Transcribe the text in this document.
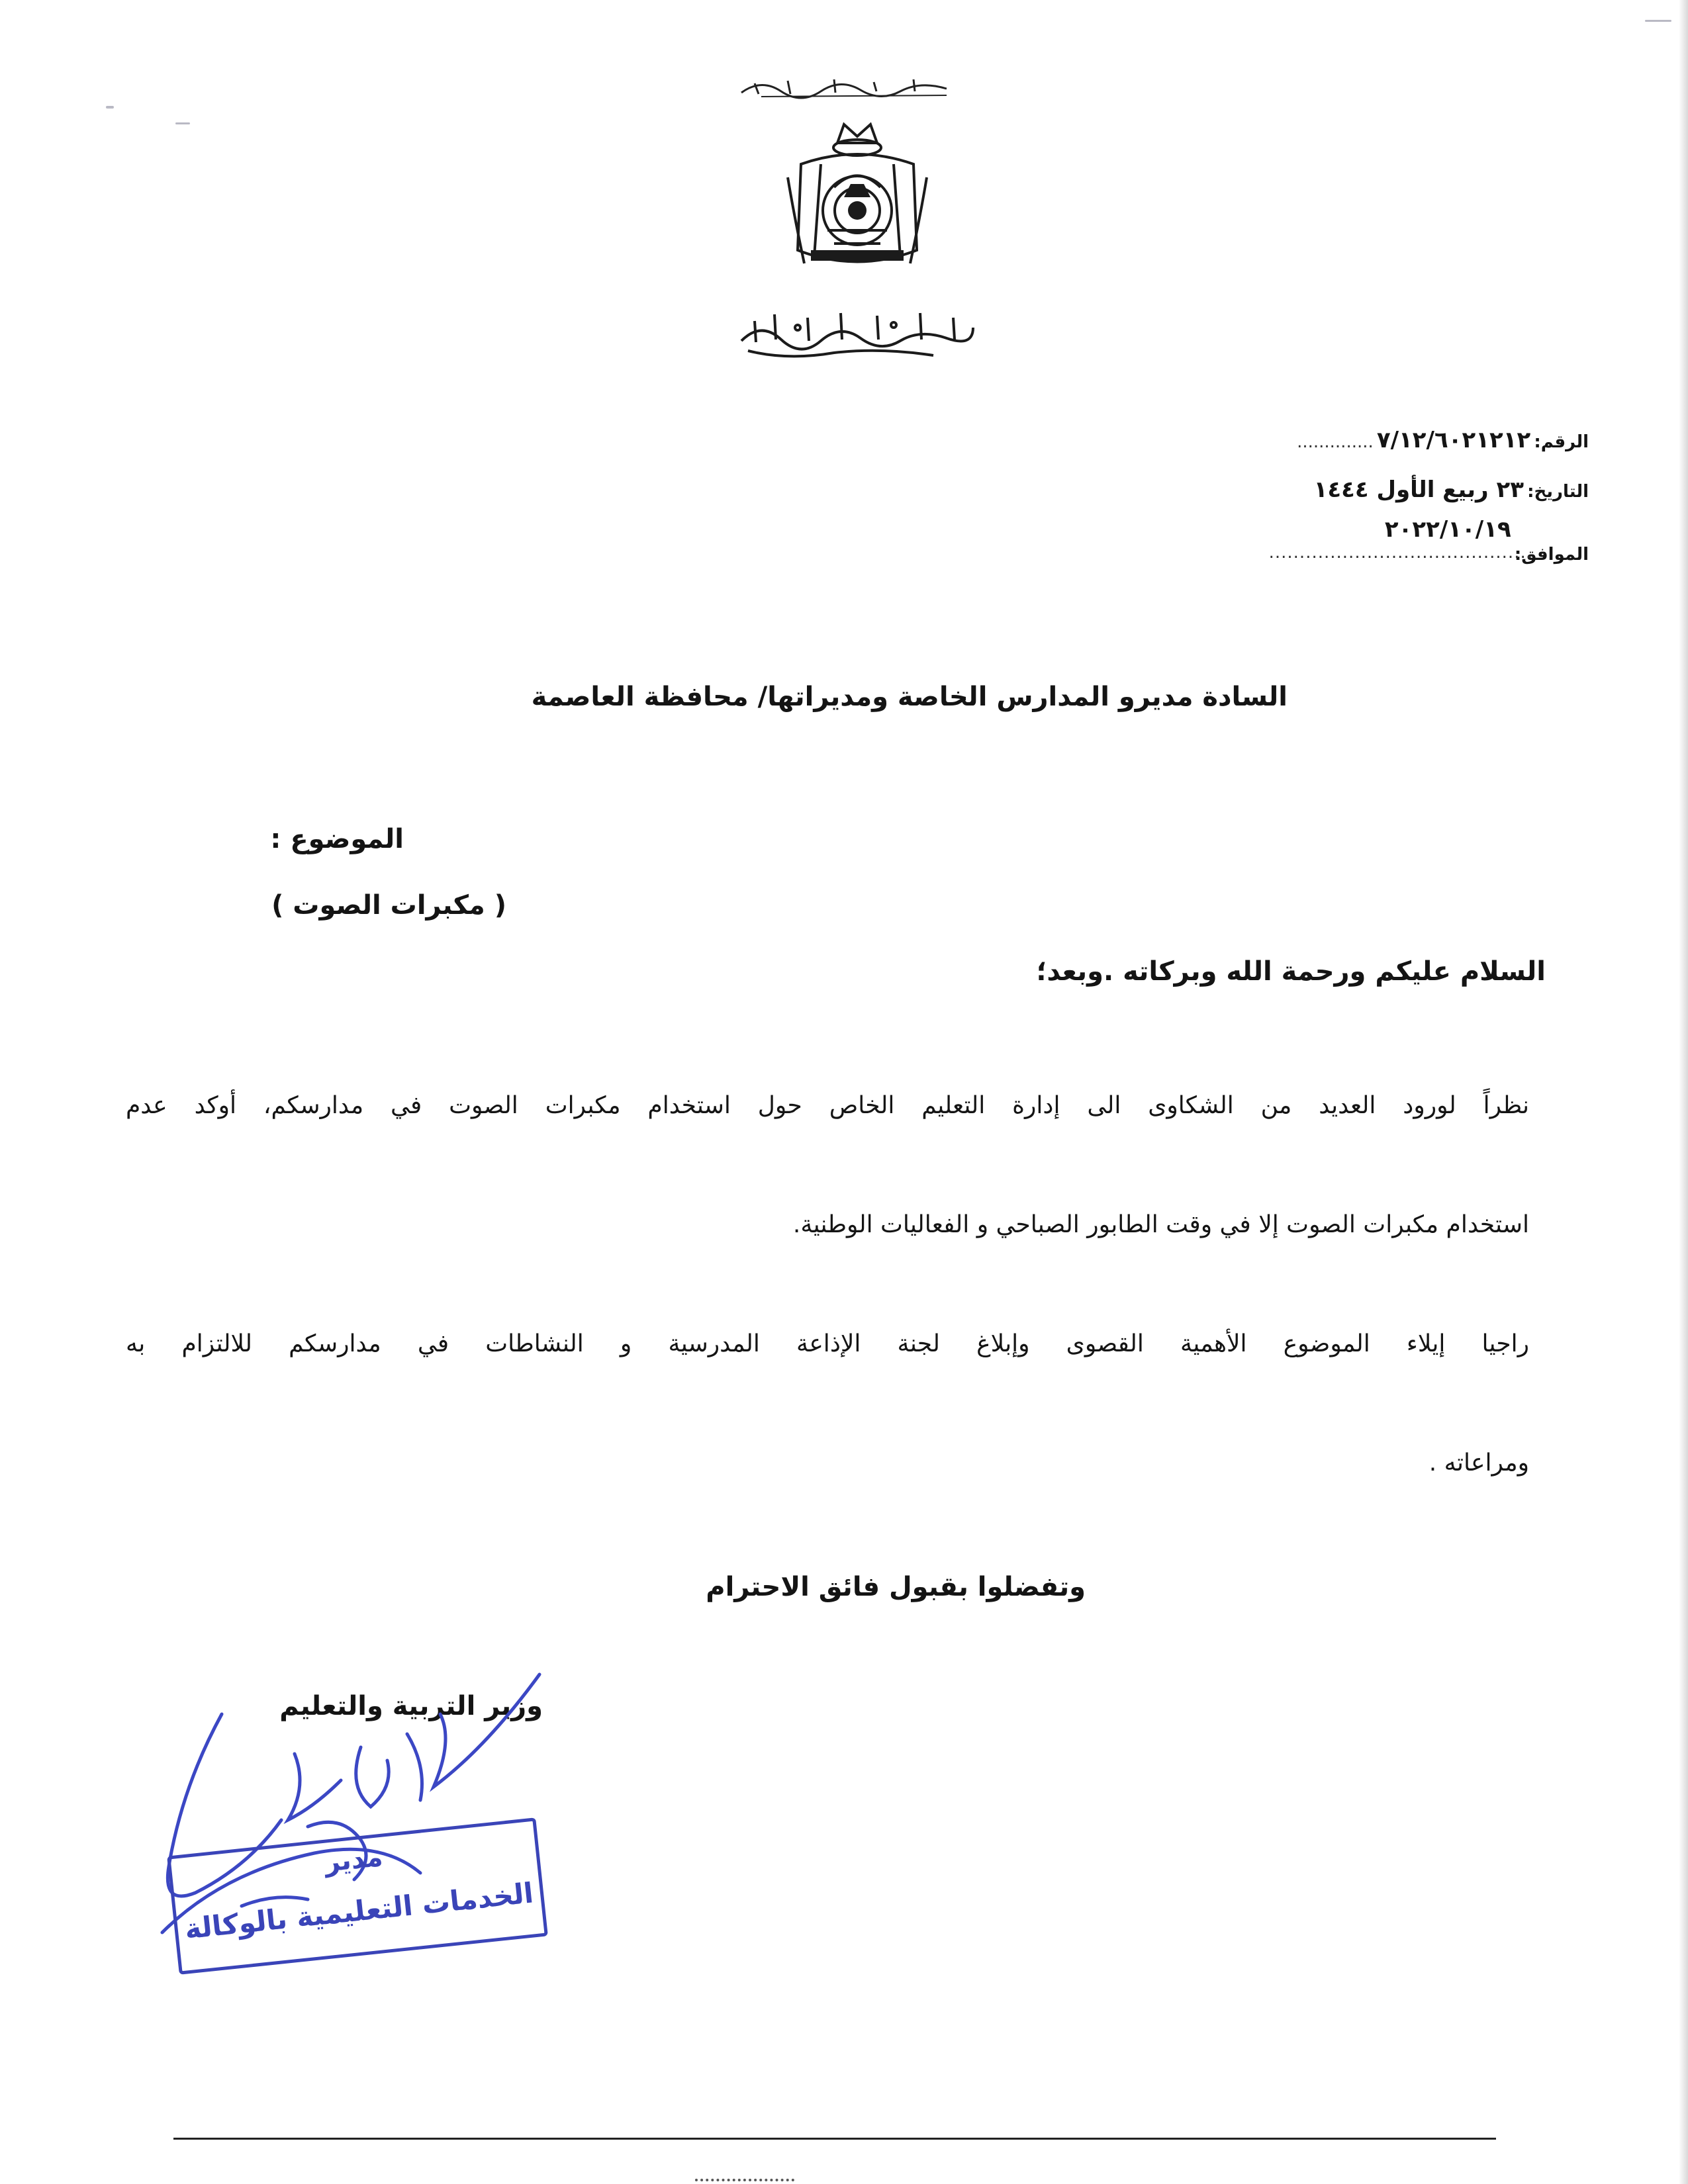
الرقم: ٧/١٢/٦٠٢١٢١٢ ..............
التاريخ: ٢٣ ربيع الأول ١٤٤٤
الموافق: ٢٠٢٢/١٠/١٩
...........................................
السادة مديرو المدارس الخاصة ومديراتها/ محافظة العاصمة
الموضوع :
( مكبرات الصوت )
السلام عليكم ورحمة الله وبركاته .وبعد؛
نظراً لورود العديد من الشكاوى الى إدارة التعليم الخاص حول استخدام مكبرات الصوت في مدارسكم، أوكد عدم
استخدام مكبرات الصوت إلا في وقت الطابور الصباحي و الفعاليات الوطنية.
راجيا إيلاء الموضوع الأهمية القصوى وإبلاغ لجنة الإذاعة المدرسية و النشاطات في مدارسكم للالتزام به
ومراعاته .
وتفضلوا بقبول فائق الاحترام
وزير التربية والتعليم
مدير
الخدمات التعليمية بالوكالة
